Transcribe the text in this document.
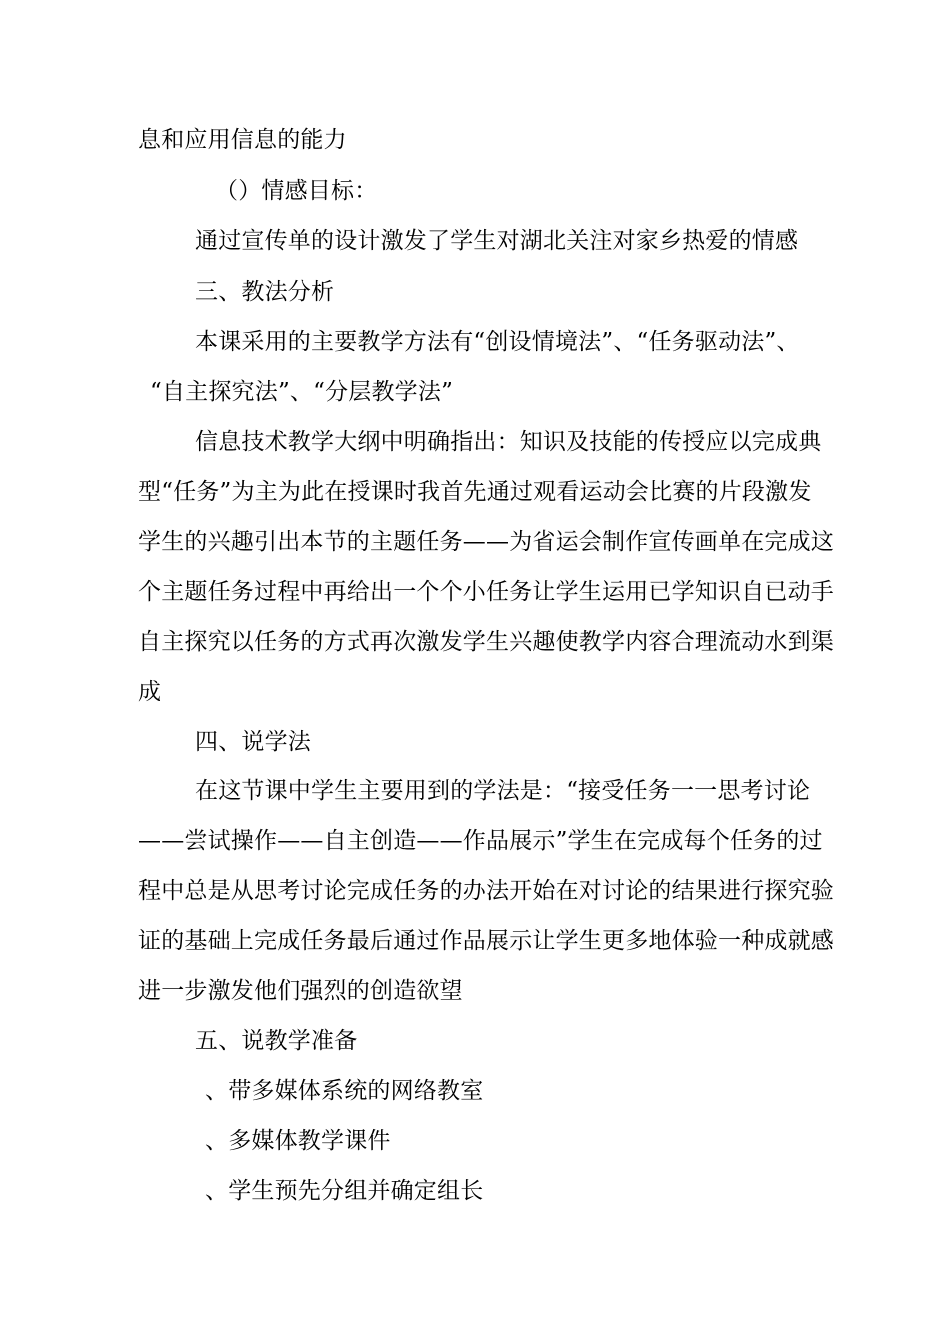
息和应用信息的能力
（）情感目标：
通过宣传单的设计激发了学生对湖北关注对家乡热爱的情感
三、教法分析
本课采用的主要教学方法有“创设情境法”、“任务驱动法”、
“自主探究法”、“分层教学法”
信息技术教学大纲中明确指出：知识及技能的传授应以完成典
型“任务”为主为此在授课时我首先通过观看运动会比赛的片段激发
学生的兴趣引出本节的主题任务——为省运会制作宣传画单在完成这
个主题任务过程中再给出一个个小任务让学生运用已学知识自已动手
自主探究以任务的方式再次激发学生兴趣使教学内容合理流动水到渠
成
四、说学法
在这节课中学生主要用到的学法是：“接受任务一一思考讨论
——尝试操作——自主创造——作品展示”学生在完成每个任务的过
程中总是从思考讨论完成任务的办法开始在对讨论的结果进行探究验
证的基础上完成任务最后通过作品展示让学生更多地体验一种成就感
进一步激发他们强烈的创造欲望
五、说教学准备
、带多媒体系统的网络教室
、多媒体教学课件
、学生预先分组并确定组长
